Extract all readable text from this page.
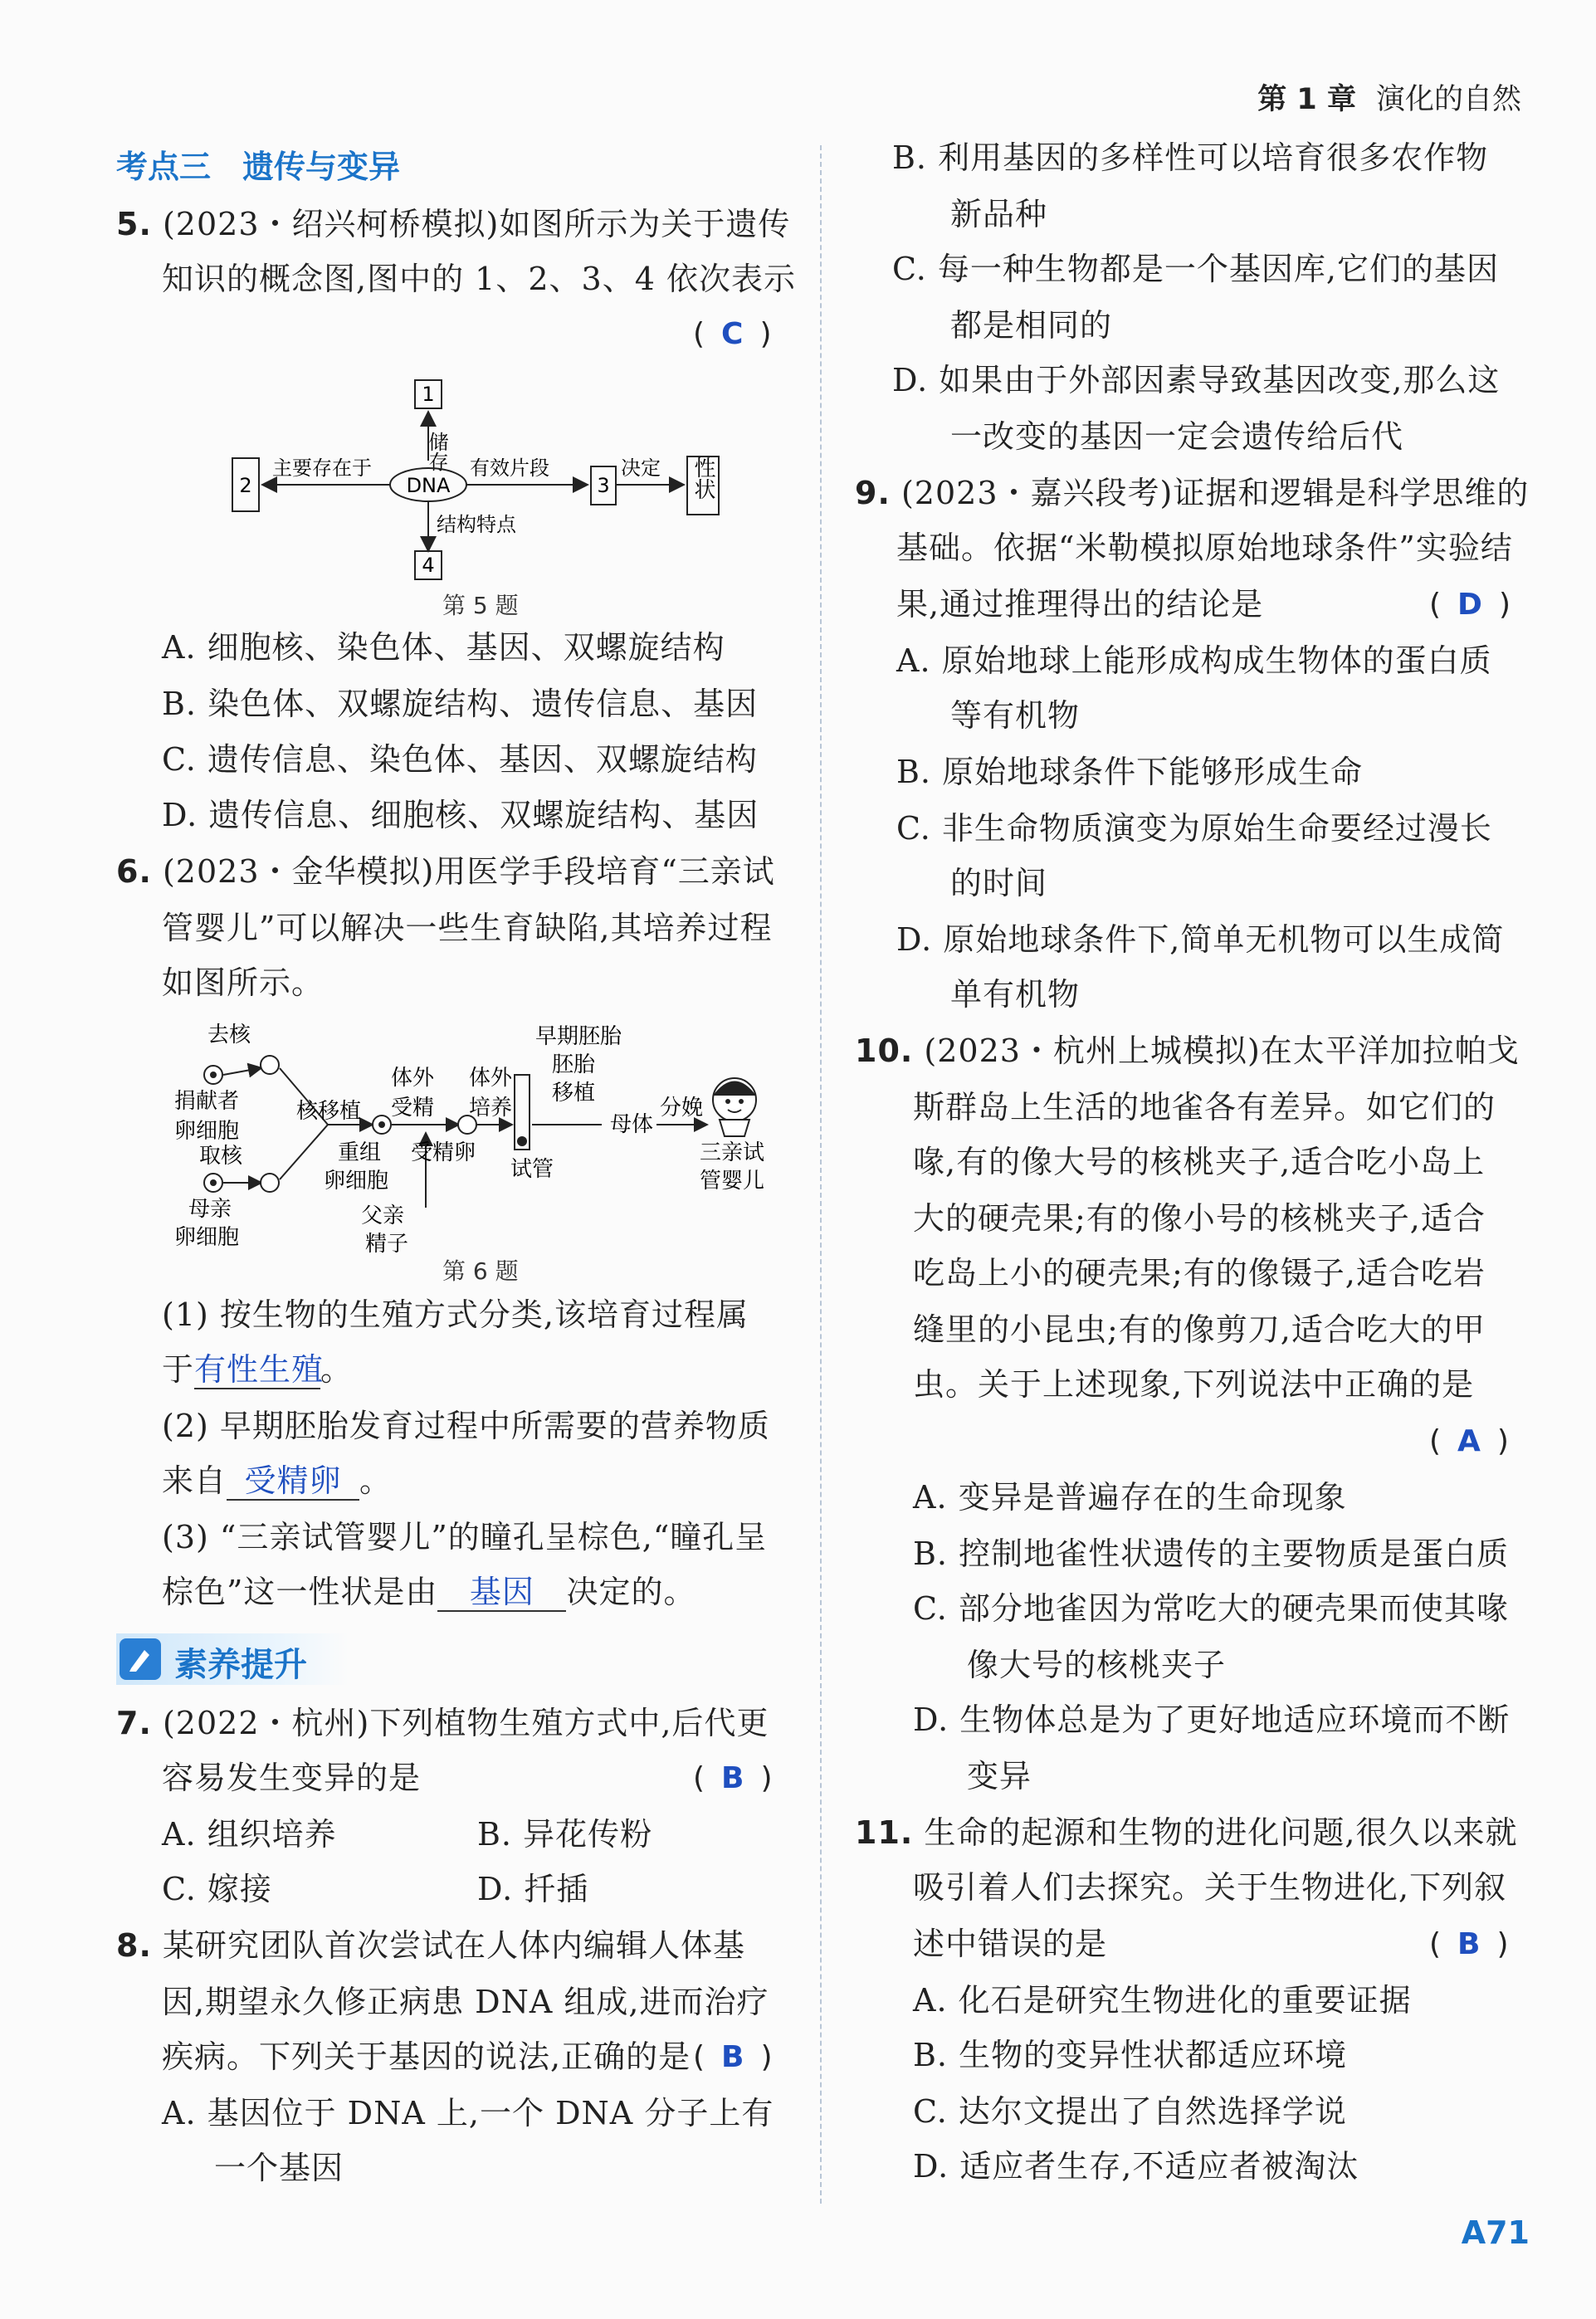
第 1 章 演化的自然
考点三　遗传与变异
5. (2023・绍兴柯桥模拟)如图所示为关于遗传
知识的概念图,图中的 1、2、3、4 依次表示
( C )
1
储存
2
主要存在于
DNA
有效片段
3
决定 性状
结构特点
4
第 5 题
A. 细胞核、染色体、基因、双螺旋结构
B. 染色体、双螺旋结构、遗传信息、基因
C. 遗传信息、染色体、基因、双螺旋结构
D. 遗传信息、细胞核、双螺旋结构、基因
6. (2023・金华模拟)用医学手段培育“三亲试
管婴儿”可以解决一些生育缺陷,其培养过程
如图所示。
去核
捐献者
卵细胞
取核
母亲
卵细胞
核移植
重组
卵细胞
体外
受精
父亲
精子
受精卵
体外
培养
试管
早期胚胎
胚胎
移植
母体
分娩
三亲试
管婴儿
第 6 题
(1) 按生物的生殖方式分类,该培育过程属
于有性生殖。
(2) 早期胚胎发育过程中所需要的营养物质
来自 受精卵 。
(3) “三亲试管婴儿”的瞳孔呈棕色,“瞳孔呈
棕色”这一性状是由 基因 决定的。
素养提升
7. (2022・杭州)下列植物生殖方式中,后代更
容易发生变异的是	( B )
A. 组织培养	B. 异花传粉
C. 嫁接	D. 扦插
8. 某研究团队首次尝试在人体内编辑人体基
因,期望永久修正病患 DNA 组成,进而治疗
疾病。下列关于基因的说法,正确的是 ( B )
A. 基因位于 DNA 上,一个 DNA 分子上有
一个基因
B. 利用基因的多样性可以培育很多农作物
新品种
C. 每一种生物都是一个基因库,它们的基因
都是相同的
D. 如果由于外部因素导致基因改变,那么这
一改变的基因一定会遗传给后代
9. (2023・嘉兴段考)证据和逻辑是科学思维的
基础。依据“米勒模拟原始地球条件”实验结
果,通过推理得出的结论是	( D )
A. 原始地球上能形成构成生物体的蛋白质
等有机物
B. 原始地球条件下能够形成生命
C. 非生命物质演变为原始生命要经过漫长
的时间
D. 原始地球条件下,简单无机物可以生成简
单有机物
10. (2023・杭州上城模拟)在太平洋加拉帕戈
斯群岛上生活的地雀各有差异。如它们的
喙,有的像大号的核桃夹子,适合吃小岛上
大的硬壳果;有的像小号的核桃夹子,适合
吃岛上小的硬壳果;有的像镊子,适合吃岩
缝里的小昆虫;有的像剪刀,适合吃大的甲
虫。关于上述现象,下列说法中正确的是
( A )
A. 变异是普遍存在的生命现象
B. 控制地雀性状遗传的主要物质是蛋白质
C. 部分地雀因为常吃大的硬壳果而使其喙
像大号的核桃夹子
D. 生物体总是为了更好地适应环境而不断
变异
11. 生命的起源和生物的进化问题,很久以来就
吸引着人们去探究。关于生物进化,下列叙
述中错误的是	( B )
A. 化石是研究生物进化的重要证据
B. 生物的变异性状都适应环境
C. 达尔文提出了自然选择学说
D. 适应者生存,不适应者被淘汰
A71
